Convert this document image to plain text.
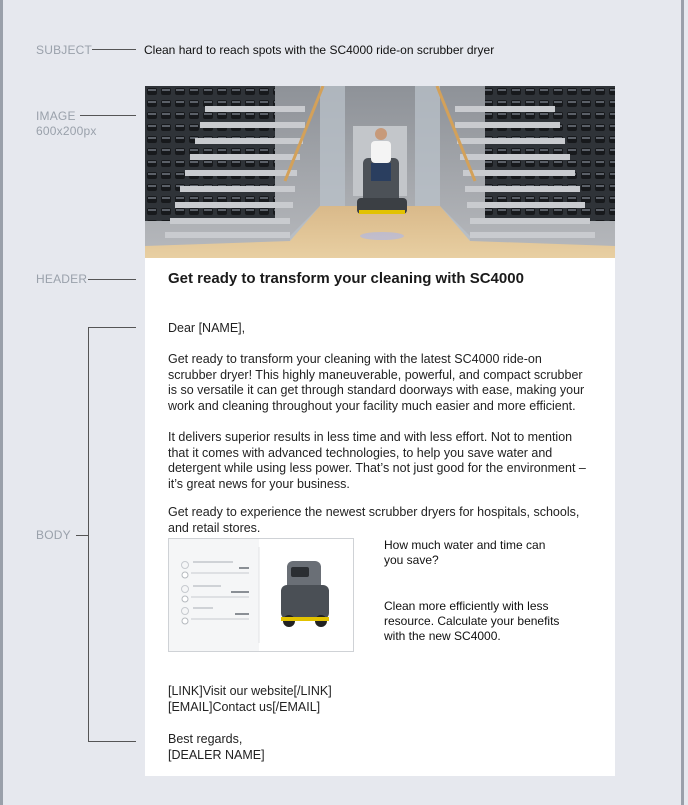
SUBJECT
IMAGE
600x200px
HEADER
BODY
Clean hard to reach spots with the SC4000 ride-on scrubber dryer
Get ready to transform your cleaning with SC4000
Dear [NAME],
Get ready to transform your cleaning with the latest SC4000 ride-on scrubber dryer! This highly maneuverable, powerful, and compact scrubber is so versatile it can get through standard doorways with ease, making your work and cleaning throughout your facility much easier and more efficient.
It delivers superior results in less time and with less effort. Not to mention that it comes with advanced technologies, to help you save water and detergent while using less power. That’s not just good for the environment – it’s great news for your business.
Get ready to experience the newest scrubber dryers for hospitals, schools, and retail stores.
How much water and time can you save?
Clean more efficiently with less resource. Calculate your benefits with the new SC4000.
[LINK]Visit our website[/LINK]
[EMAIL]Contact us[/EMAIL]
Best regards,
[DEALER NAME]
